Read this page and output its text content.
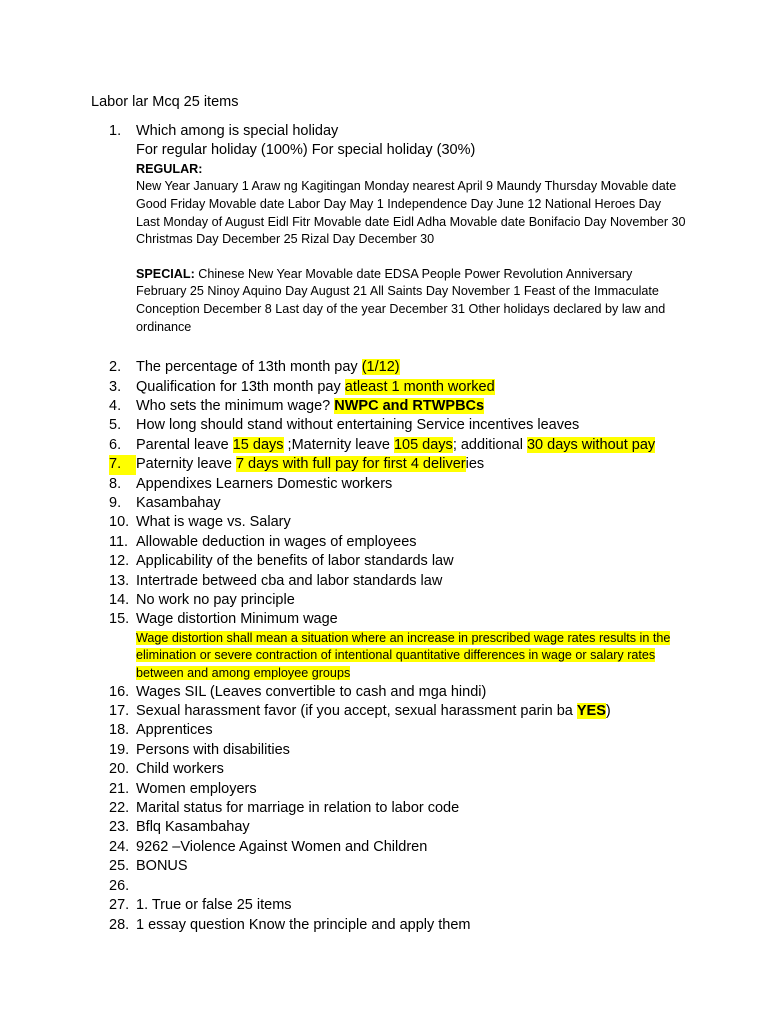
Labor lar Mcq 25 items
1.	Which among is special holiday
For regular holiday (100%) For special holiday (30%)

REGULAR:

New Year January 1 Araw ng Kagitingan Monday nearest April 9 Maundy Thursday Movable date Good Friday Movable date Labor Day May 1 Independence Day June 12 National Heroes Day Last Monday of August Eidl Fitr Movable date Eidl Adha Movable date Bonifacio Day November 30 Christmas Day December 25 Rizal Day December 30

SPECIAL: Chinese New Year Movable date EDSA People Power Revolution Anniversary February 25 Ninoy Aquino Day August 21 All Saints Day November 1 Feast of the Immaculate Conception December 8 Last day of the year December 31 Other holidays declared by law and ordinance

2.	The percentage of 13th month pay (1/12)
3.	Qualification for 13th month pay atleast 1 month worked
4.	Who sets the minimum wage? NWPC and RTWPBCs
5.	How long should stand without entertaining Service incentives leaves
6.	Parental leave 15 days ;Maternity leave 105 days; additional 30 days without pay
7.	Paternity leave 7 days with full pay for first 4 deliveries
8.	Appendixes Learners Domestic workers
9.	Kasambahay
10. What is wage vs. Salary
11. Allowable deduction in wages of employees
12. Applicability of the benefits of labor standards law
13. Intertrade betweed cba and labor standards law
14. No work no pay principle
15. Wage distortion Minimum wage
Wage distortion shall mean a situation where an increase in prescribed wage rates results in the elimination or severe contraction of intentional quantitative differences in wage or salary rates between and among employee groups
16. Wages SIL (Leaves convertible to cash and mga hindi)
17. Sexual harassment favor (if you accept, sexual harassment parin ba YES)
18. Apprentices
19. Persons with disabilities
20. Child workers
21. Women employers
22. Marital status for marriage in relation to labor code
23. Bflq Kasambahay
24. 9262 –Violence Against Women and Children
25. BONUS
26.

27. 1. True or false 25 items
28. 1 essay question Know the principle and apply them
